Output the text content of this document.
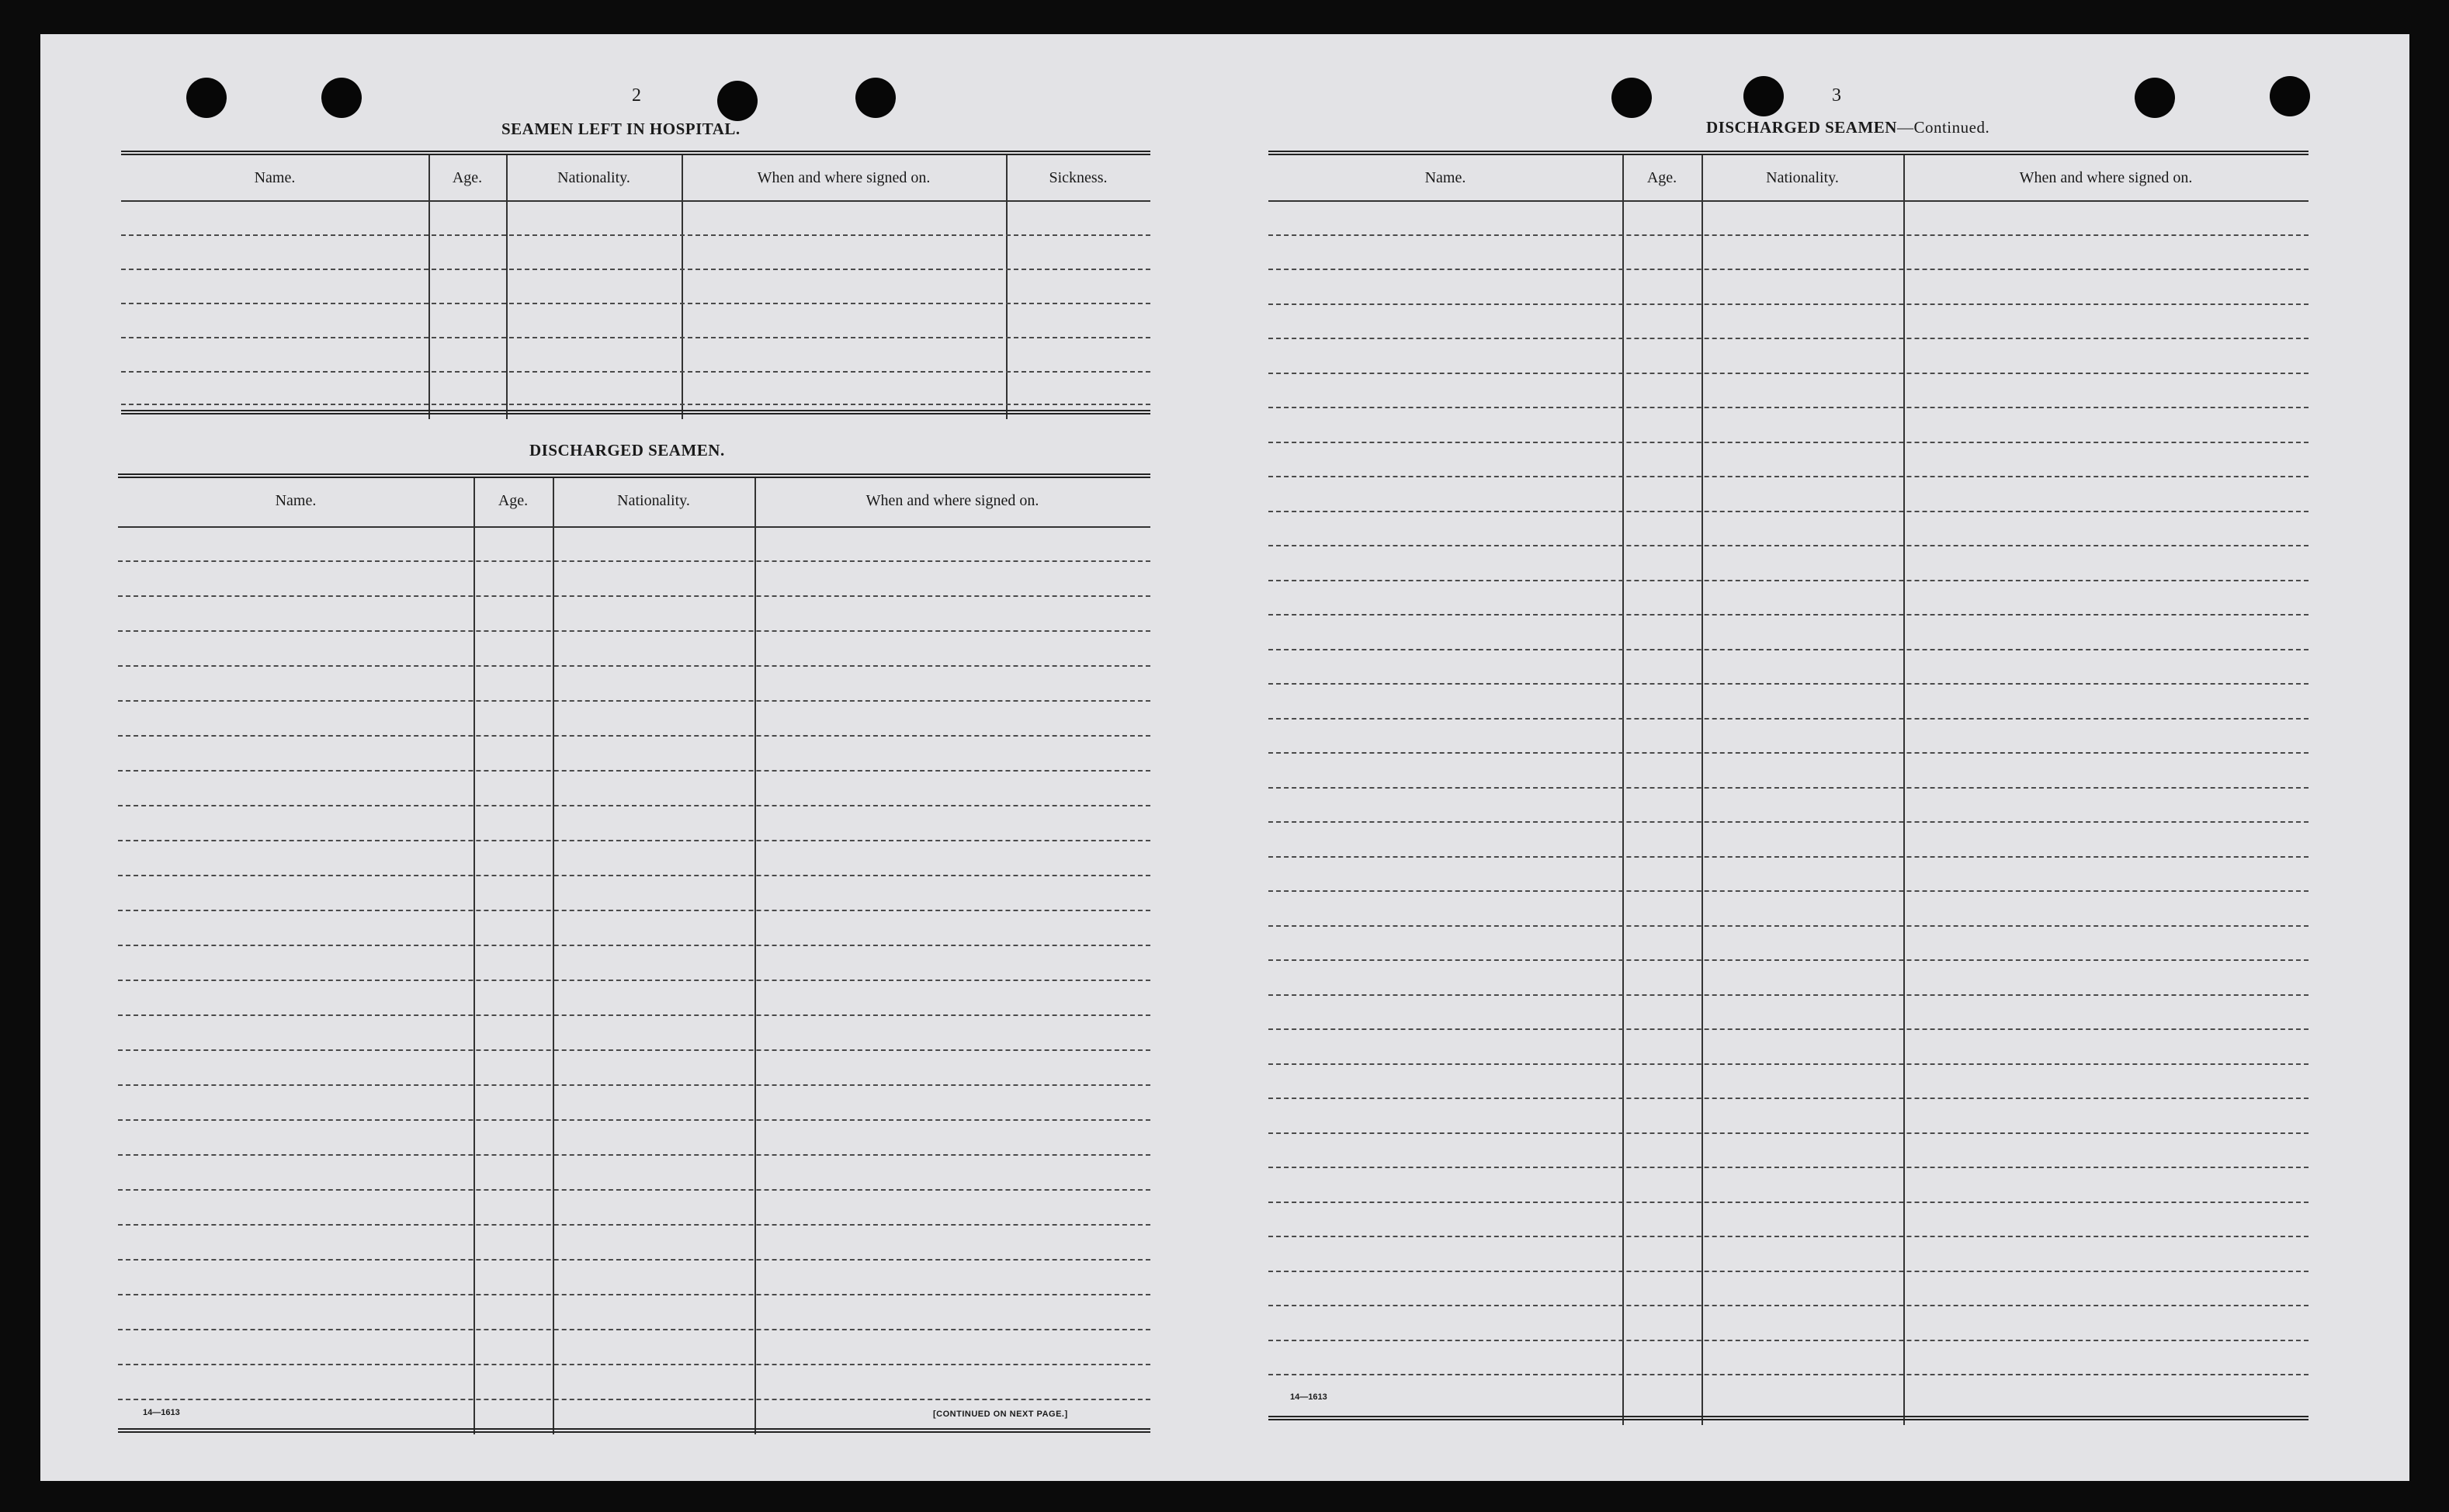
2
SEAMEN LEFT IN HOSPITAL.
Name.	Age.	Nationality.	When and where signed on.	Sickness.
DISCHARGED SEAMEN.
Name.	Age.	Nationality.	When and where signed on.
14—1613	[CONTINUED ON NEXT PAGE.]
3
DISCHARGED SEAMEN—Continued.
Name.	Age.	Nationality.	When and where signed on.
14—1613
